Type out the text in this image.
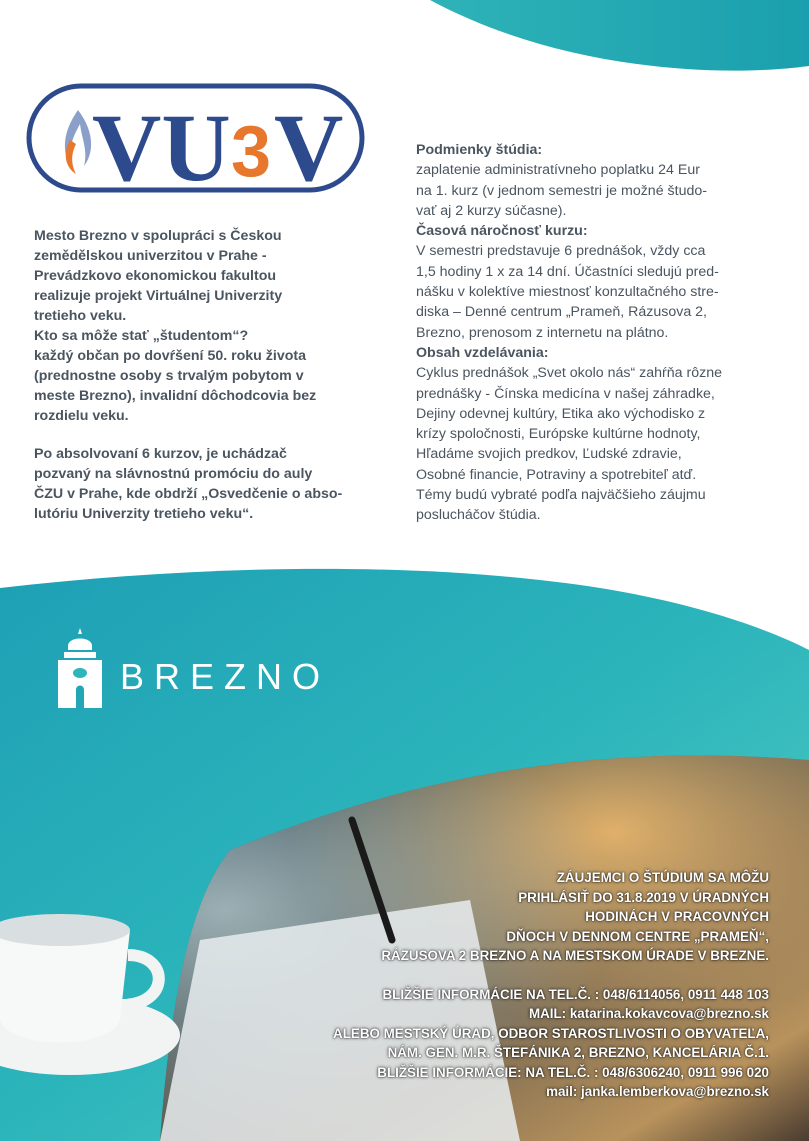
VU 3 V

Mesto Brezno v spolupráci s Českou

zemědělskou univerzitou v Prahe -

Prevádzkovo ekonomickou fakultou

realizuje projekt Virtuálnej Univerzity

tretieho veku.

Kto sa môže stať „študentom“?

každý občan po dovŕšení 50. roku života

(prednostne osoby s trvalým pobytom v

meste Brezno), invalidní dôchodcovia bez

rozdielu veku.

Po absolvovaní 6 kurzov, je uchádzač

pozvaný na slávnostnú promóciu do auly

ČZU v Prahe, kde obdrží „Osvedčenie o abso-

lutóriu Univerzity tretieho veku“.

Podmienky štúdia:

zaplatenie administratívneho poplatku 24 Eur

na 1. kurz (v jednom semestri je možné študo-

vať aj 2 kurzy súčasne).

Časová náročnosť kurzu:

V semestri predstavuje 6 prednášok, vždy cca

1,5 hodiny 1 x za 14 dní. Účastníci sledujú pred-

nášku v kolektíve miestnosť konzultačného stre-

diska – Denné centrum „Prameň, Rázusova 2,

Brezno, prenosom z internetu na plátno.

Obsah vzdelávania:

Cyklus prednášok „Svet okolo nás“ zahŕňa rôzne

prednášky - Čínska medicína v našej záhradke,

Dejiny odevnej kultúry, Etika ako východisko z

krízy spoločnosti, Európske kultúrne hodnoty,

Hľadáme svojich predkov, Ľudské zdravie,

Osobné financie, Potraviny a spotrebiteľ atď.

Témy budú vybraté podľa najväčšieho záujmu

poslucháčov štúdia.

BREZNO

ZÁUJEMCI O ŠTÚDIUM SA MÔŽU

PRIHLÁSIŤ DO 31.8.2019 V ÚRADNÝCH

HODINÁCH V PRACOVNÝCH

DŇOCH V DENNOM CENTRE „PRAMEŇ“,

RÁZUSOVA 2 BREZNO A NA MESTSKOM ÚRADE V BREZNE.

BLIŽŠIE INFORMÁCIE NA TEL.Č. : 048/6114056, 0911 448 103

MAIL: katarina.kokavcova@brezno.sk

ALEBO MESTSKÝ ÚRAD, ODBOR STAROSTLIVOSTI O OBYVATEĽA,

NÁM. GEN. M.R. ŠTEFÁNIKA 2, BREZNO, KANCELÁRIA Č.1.

BLIŽŠIE INFORMÁCIE: NA TEL.Č. : 048/6306240, 0911 996 020

mail: janka.lemberkova@brezno.sk
